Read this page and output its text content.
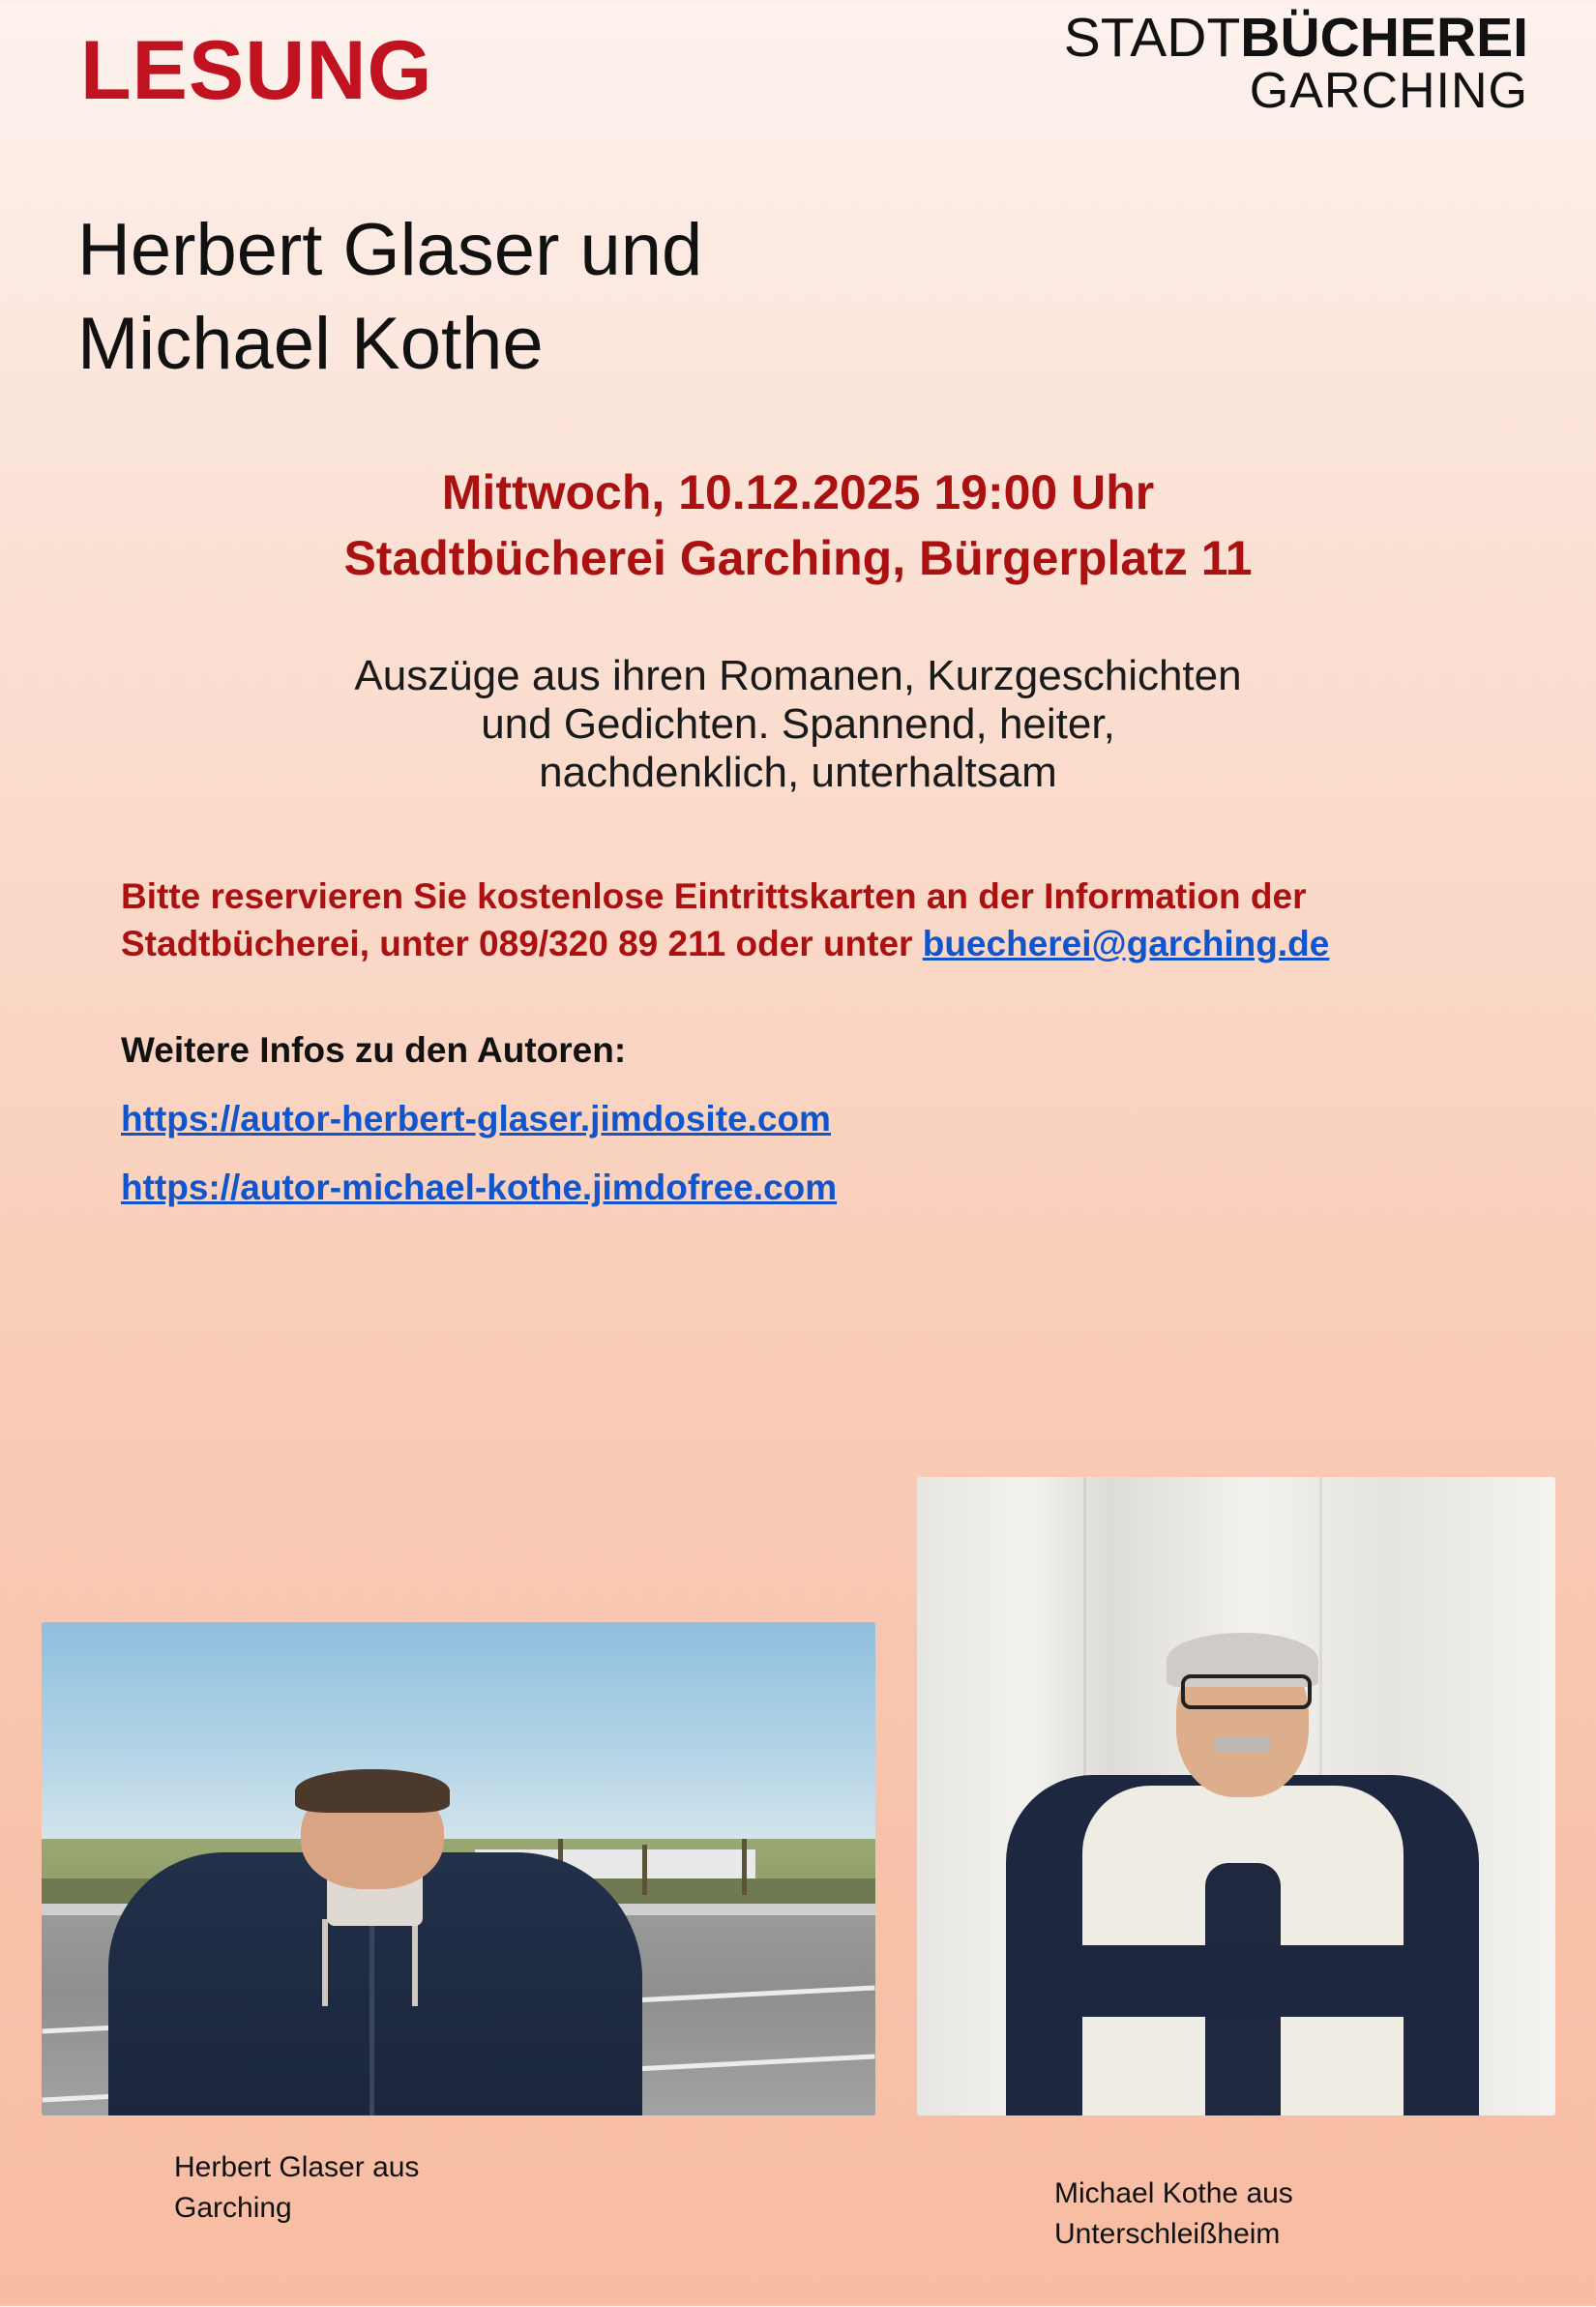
LESUNG	STADTBÜCHEREI
GARCHING
Herbert Glaser und
Michael Kothe
Mittwoch, 10.12.2025 19:00 Uhr
Stadtbücherei Garching, Bürgerplatz 11
Auszüge aus ihren Romanen, Kurzgeschichten
und Gedichten. Spannend, heiter,
nachdenklich, unterhaltsam
Bitte reservieren Sie kostenlose Eintrittskarten an der Information der Stadtbücherei, unter 089/320 89 211 oder unter buecherei@garching.de
Weitere Infos zu den Autoren:
https://autor-herbert-glaser.jimdosite.com
https://autor-michael-kothe.jimdofree.com
Herbert Glaser aus
Garching	Michael Kothe aus
Unterschleißheim
